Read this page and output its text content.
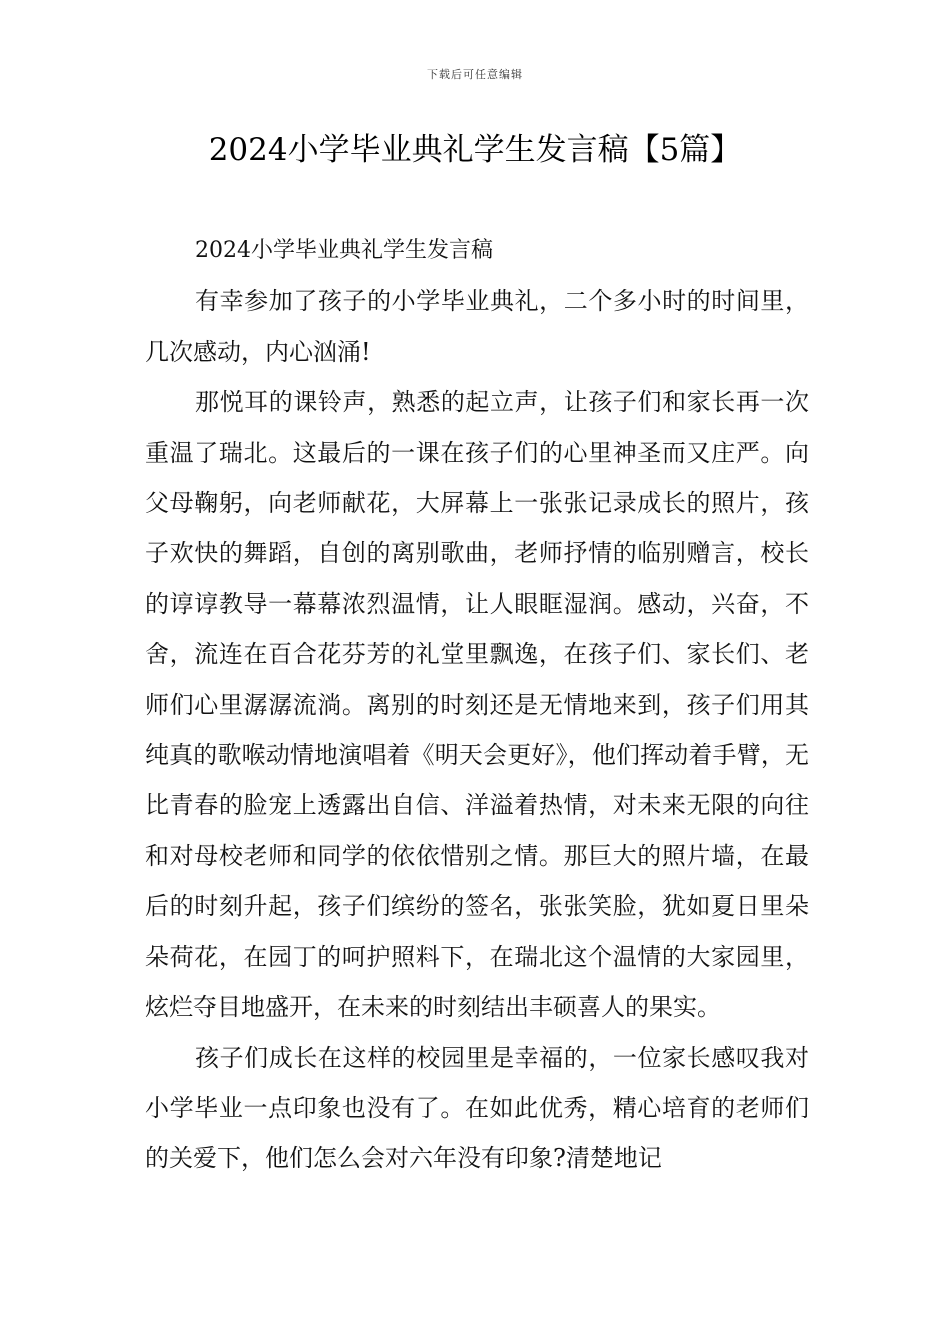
下载后可任意编辑
2024小学毕业典礼学生发言稿【5篇】

2024小学毕业典礼学生发言稿

有幸参加了孩子的小学毕业典礼，二个多小时的时间里，几次感动，内心汹涌!

那悦耳的课铃声，熟悉的起立声，让孩子们和家长再一次重温了瑞北。这最后的一课在孩子们的心里神圣而又庄严。向父母鞠躬，向老师献花，大屏幕上一张张记录成长的照片，孩子欢快的舞蹈，自创的离别歌曲，老师抒情的临别赠言，校长的谆谆教导一幕幕浓烈温情，让人眼眶湿润。感动，兴奋，不舍，流连在百合花芬芳的礼堂里飘逸，在孩子们、家长们、老师们心里潺潺流淌。离别的时刻还是无情地来到，孩子们用其纯真的歌喉动情地演唱着《明天会更好》，他们挥动着手臂，无比青春的脸宠上透露出自信、洋溢着热情，对未来无限的向往和对母校老师和同学的依依惜别之情。那巨大的照片墙，在最后的时刻升起，孩子们缤纷的签名，张张笑脸，犹如夏日里朵朵荷花，在园丁的呵护照料下，在瑞北这个温情的大家园里，炫烂夺目地盛开，在未来的时刻结出丰硕喜人的果实。

孩子们成长在这样的校园里是幸福的，一位家长感叹我对小学毕业一点印象也没有了。在如此优秀，精心培育的老师们的关爱下，他们怎么会对六年没有印象?清楚地记
